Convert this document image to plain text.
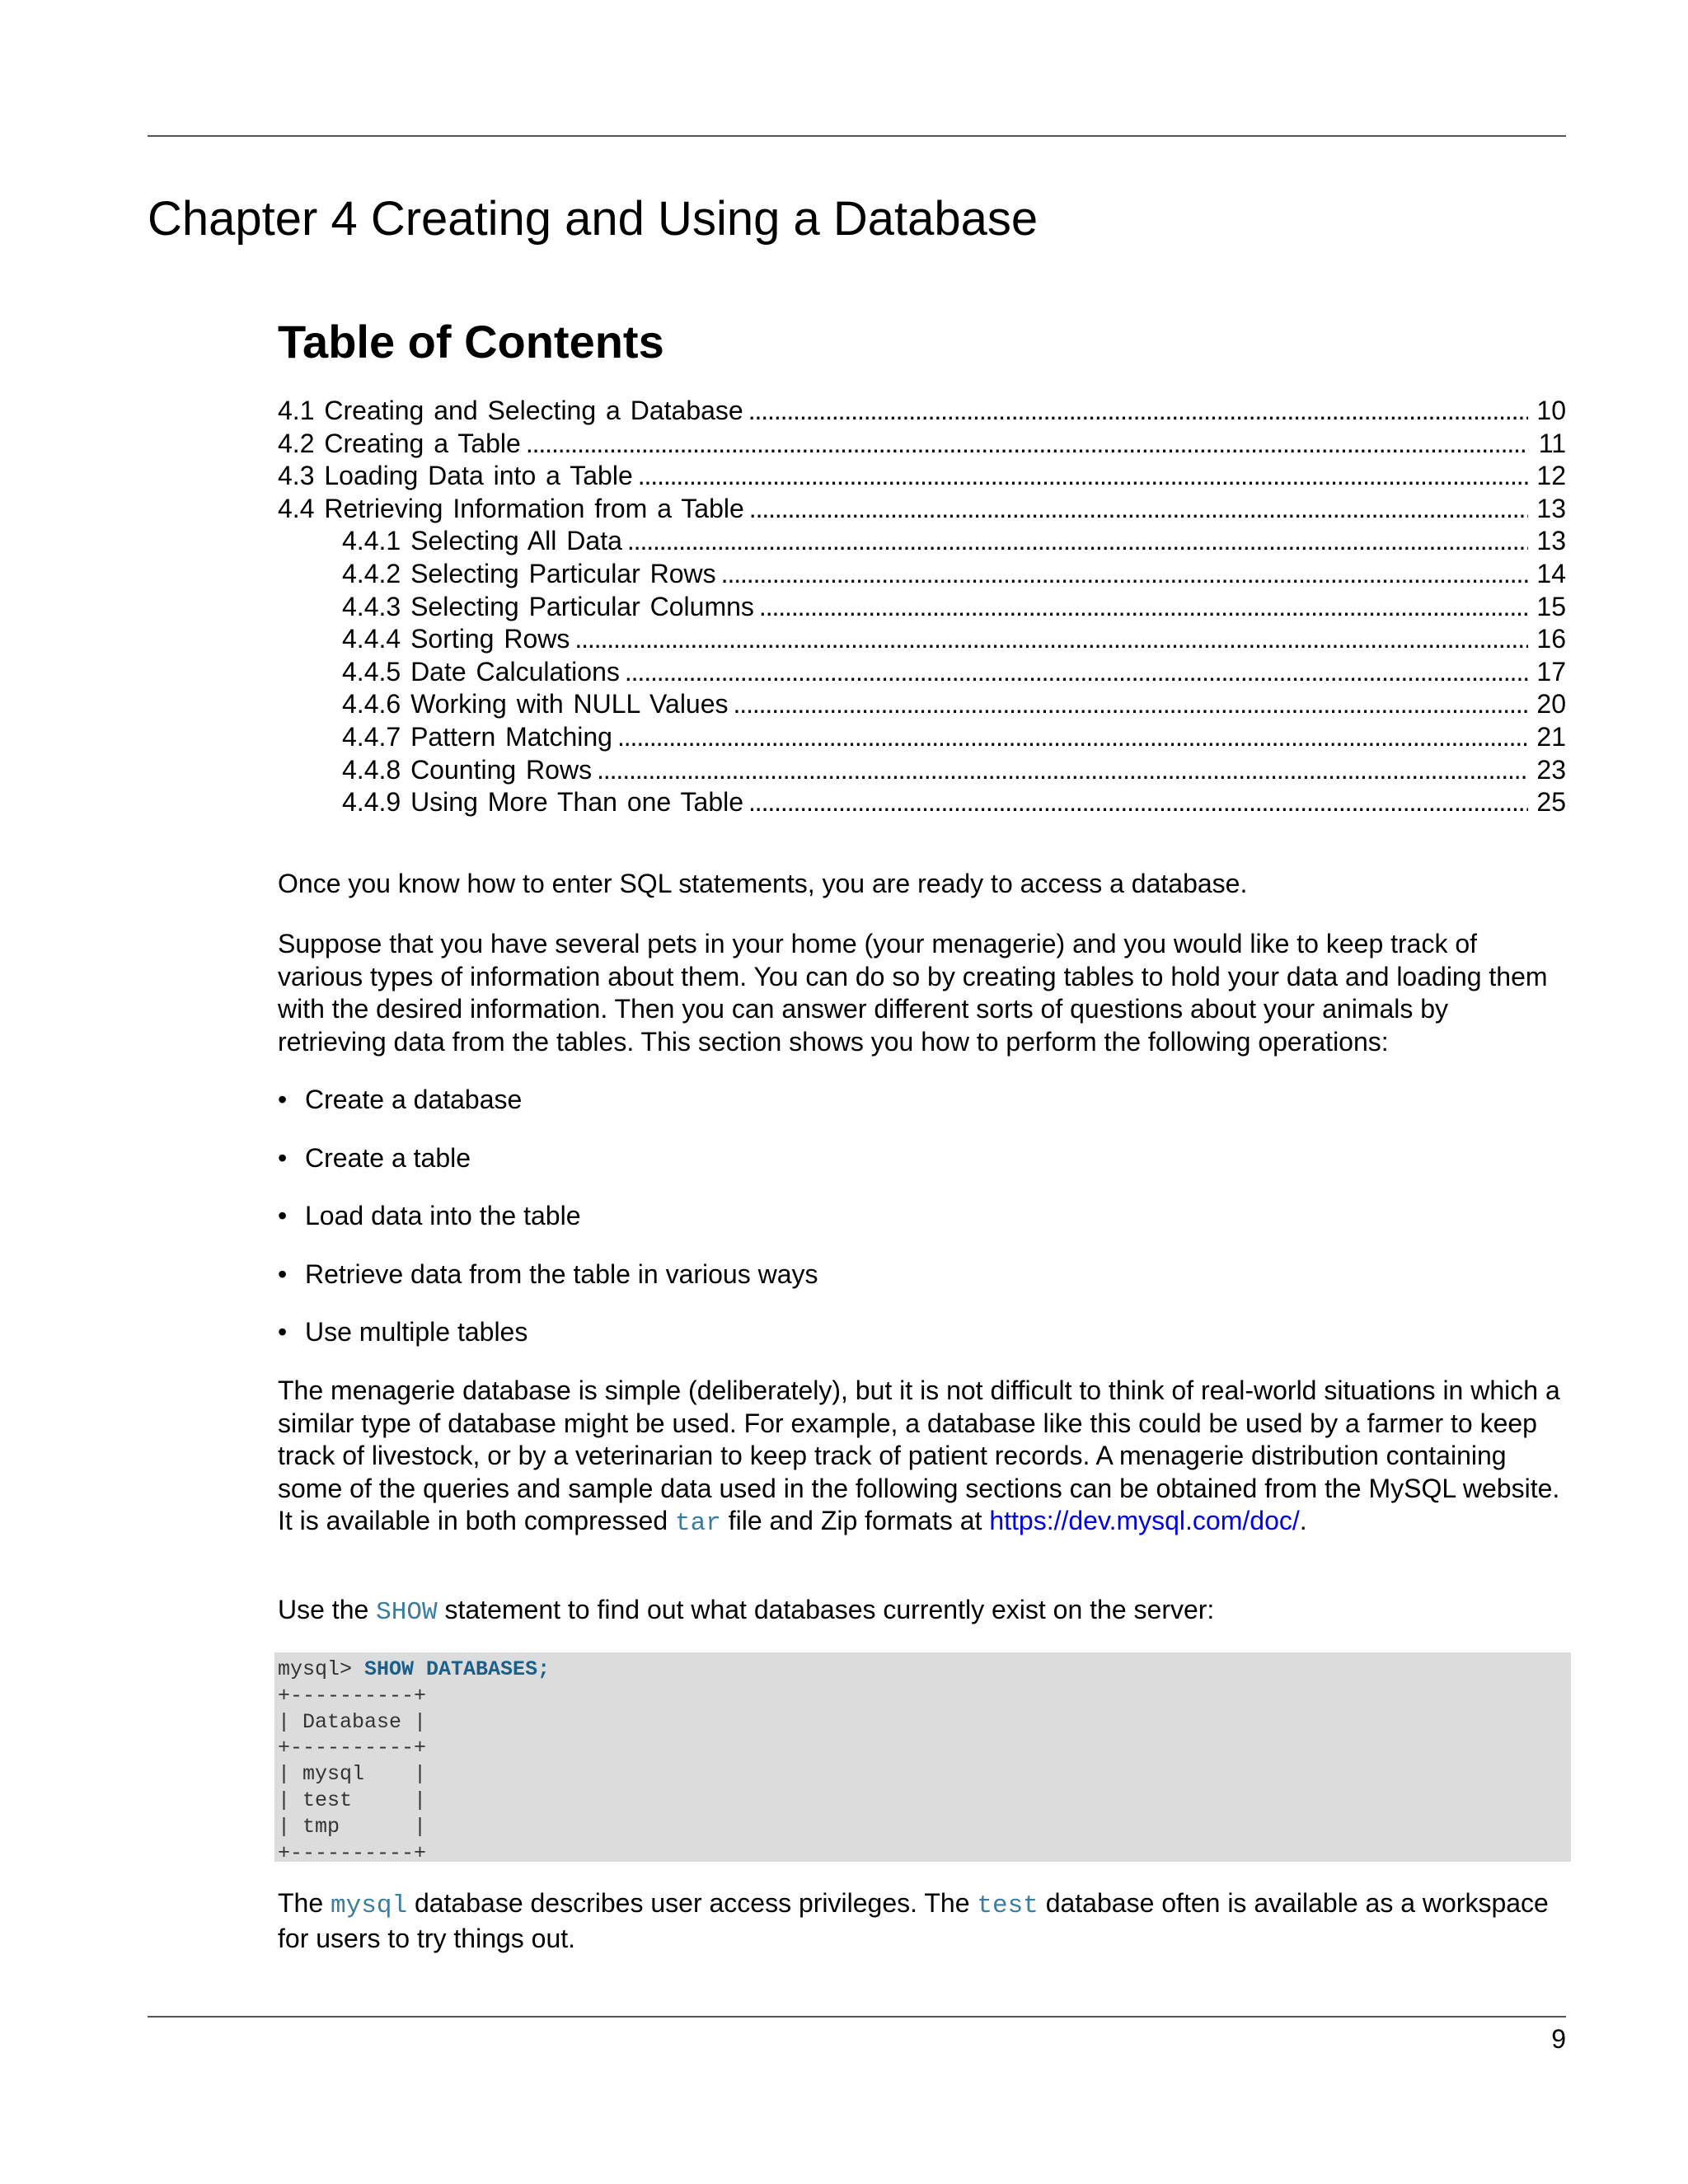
Chapter 4 Creating and Using a Database
Table of Contents
4.1 Creating and Selecting a Database . . .	10
4.2 Creating a Table . . .	11
4.3 Loading Data into a Table . . .	12
4.4 Retrieving Information from a Table . . .	13
4.4.1 Selecting All Data . . .	13
4.4.2 Selecting Particular Rows . . .	14
4.4.3 Selecting Particular Columns . . .	15
4.4.4 Sorting Rows . . .	16
4.4.5 Date Calculations . . .	17
4.4.6 Working with NULL Values . . .	20
4.4.7 Pattern Matching . . .	21
4.4.8 Counting Rows . . .	23
4.4.9 Using More Than one Table . . .	25

Once you know how to enter SQL statements, you are ready to access a database.

Suppose that you have several pets in your home (your menagerie) and you would like to keep track of various types of information about them. You can do so by creating tables to hold your data and loading them with the desired information. Then you can answer different sorts of questions about your animals by retrieving data from the tables. This section shows you how to perform the following operations:

• Create a database
• Create a table
• Load data into the table
• Retrieve data from the table in various ways
• Use multiple tables

The menagerie database is simple (deliberately), but it is not difficult to think of real-world situations in which a similar type of database might be used. For example, a database like this could be used by a farmer to keep track of livestock, or by a veterinarian to keep track of patient records. A menagerie distribution containing some of the queries and sample data used in the following sections can be obtained from the MySQL website. It is available in both compressed tar file and Zip formats at https://dev.mysql.com/doc/.

Use the SHOW statement to find out what databases currently exist on the server:

mysql> SHOW DATABASES;
+----------+
| Database |
+----------+
| mysql    |
| test     |
| tmp      |
+----------+

The mysql database describes user access privileges. The test database often is available as a workspace for users to try things out.

9
